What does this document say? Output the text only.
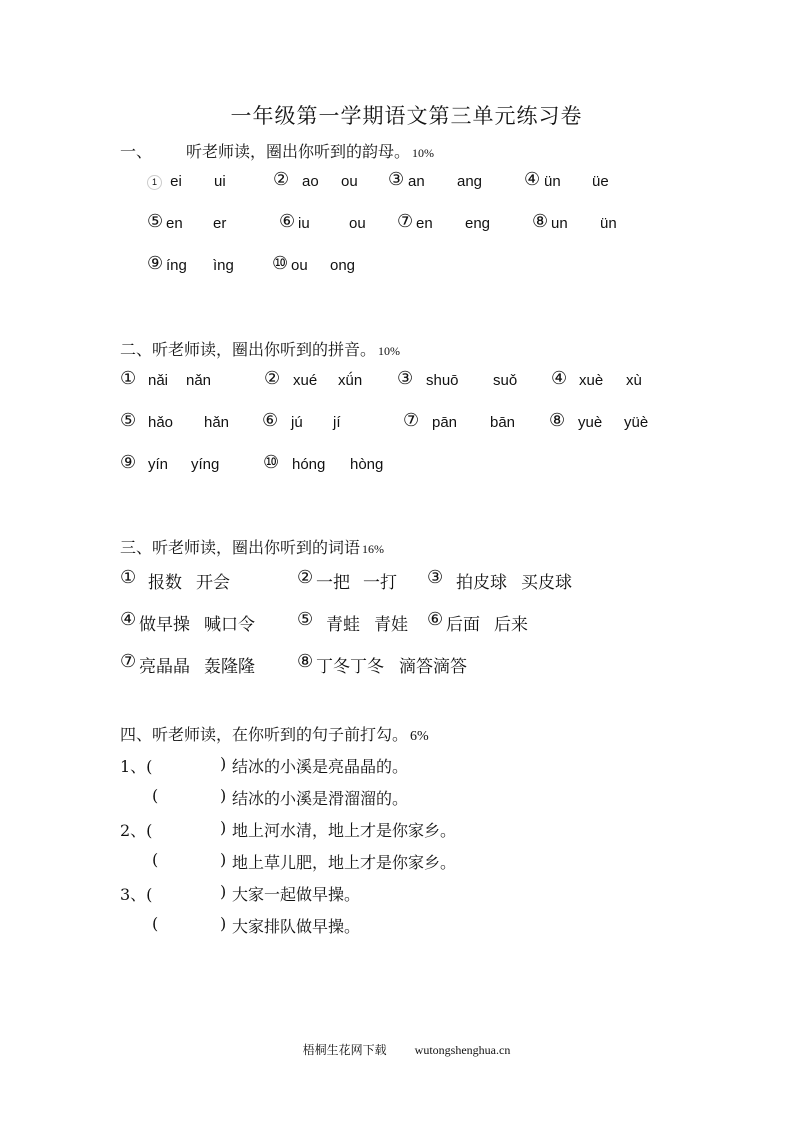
一年级第一学期语文第三单元练习卷
一、 听老师读，圈出你听到的韵母。 10%
1 ei ui	② ao ou ③ an ang ④ ün üe
⑤ en er	⑥ iu	ou ⑦ en eng ⑧ un ün
⑨ íng ìng ⑩ ou ong
二、听老师读，圈出你听到的拼音。 10%
① nǎi nǎn	② xué xǘn ③ shuō suǒ ④ xuè xù
⑤ hǎo hǎn ⑥ jú jí	⑦ pān bān ⑧ yuè yüè
⑨ yín yíng ⑩ hóng hòng
三、听老师读，圈出你听到的词语 16%
① 报数 开会	② 一把 一打 ③ 拍皮球 买皮球
④ 做早操 喊口令 ⑤ 青蛙 青娃 ⑥ 后面 后来
⑦ 亮晶晶 轰隆隆 ⑧ 丁冬丁冬 滴答滴答
四、听老师读，在你听到的句子前打勾。 6%
1、(	) 结冰的小溪是亮晶晶的。
(	) 结冰的小溪是滑溜溜的。
2、(	) 地上河水清，地上才是你家乡。
(	) 地上草儿肥，地上才是你家乡。
3、(	) 大家一起做早操。
(	) 大家排队做早操。
梧桐生花网下载 wutongshenghua.cn
